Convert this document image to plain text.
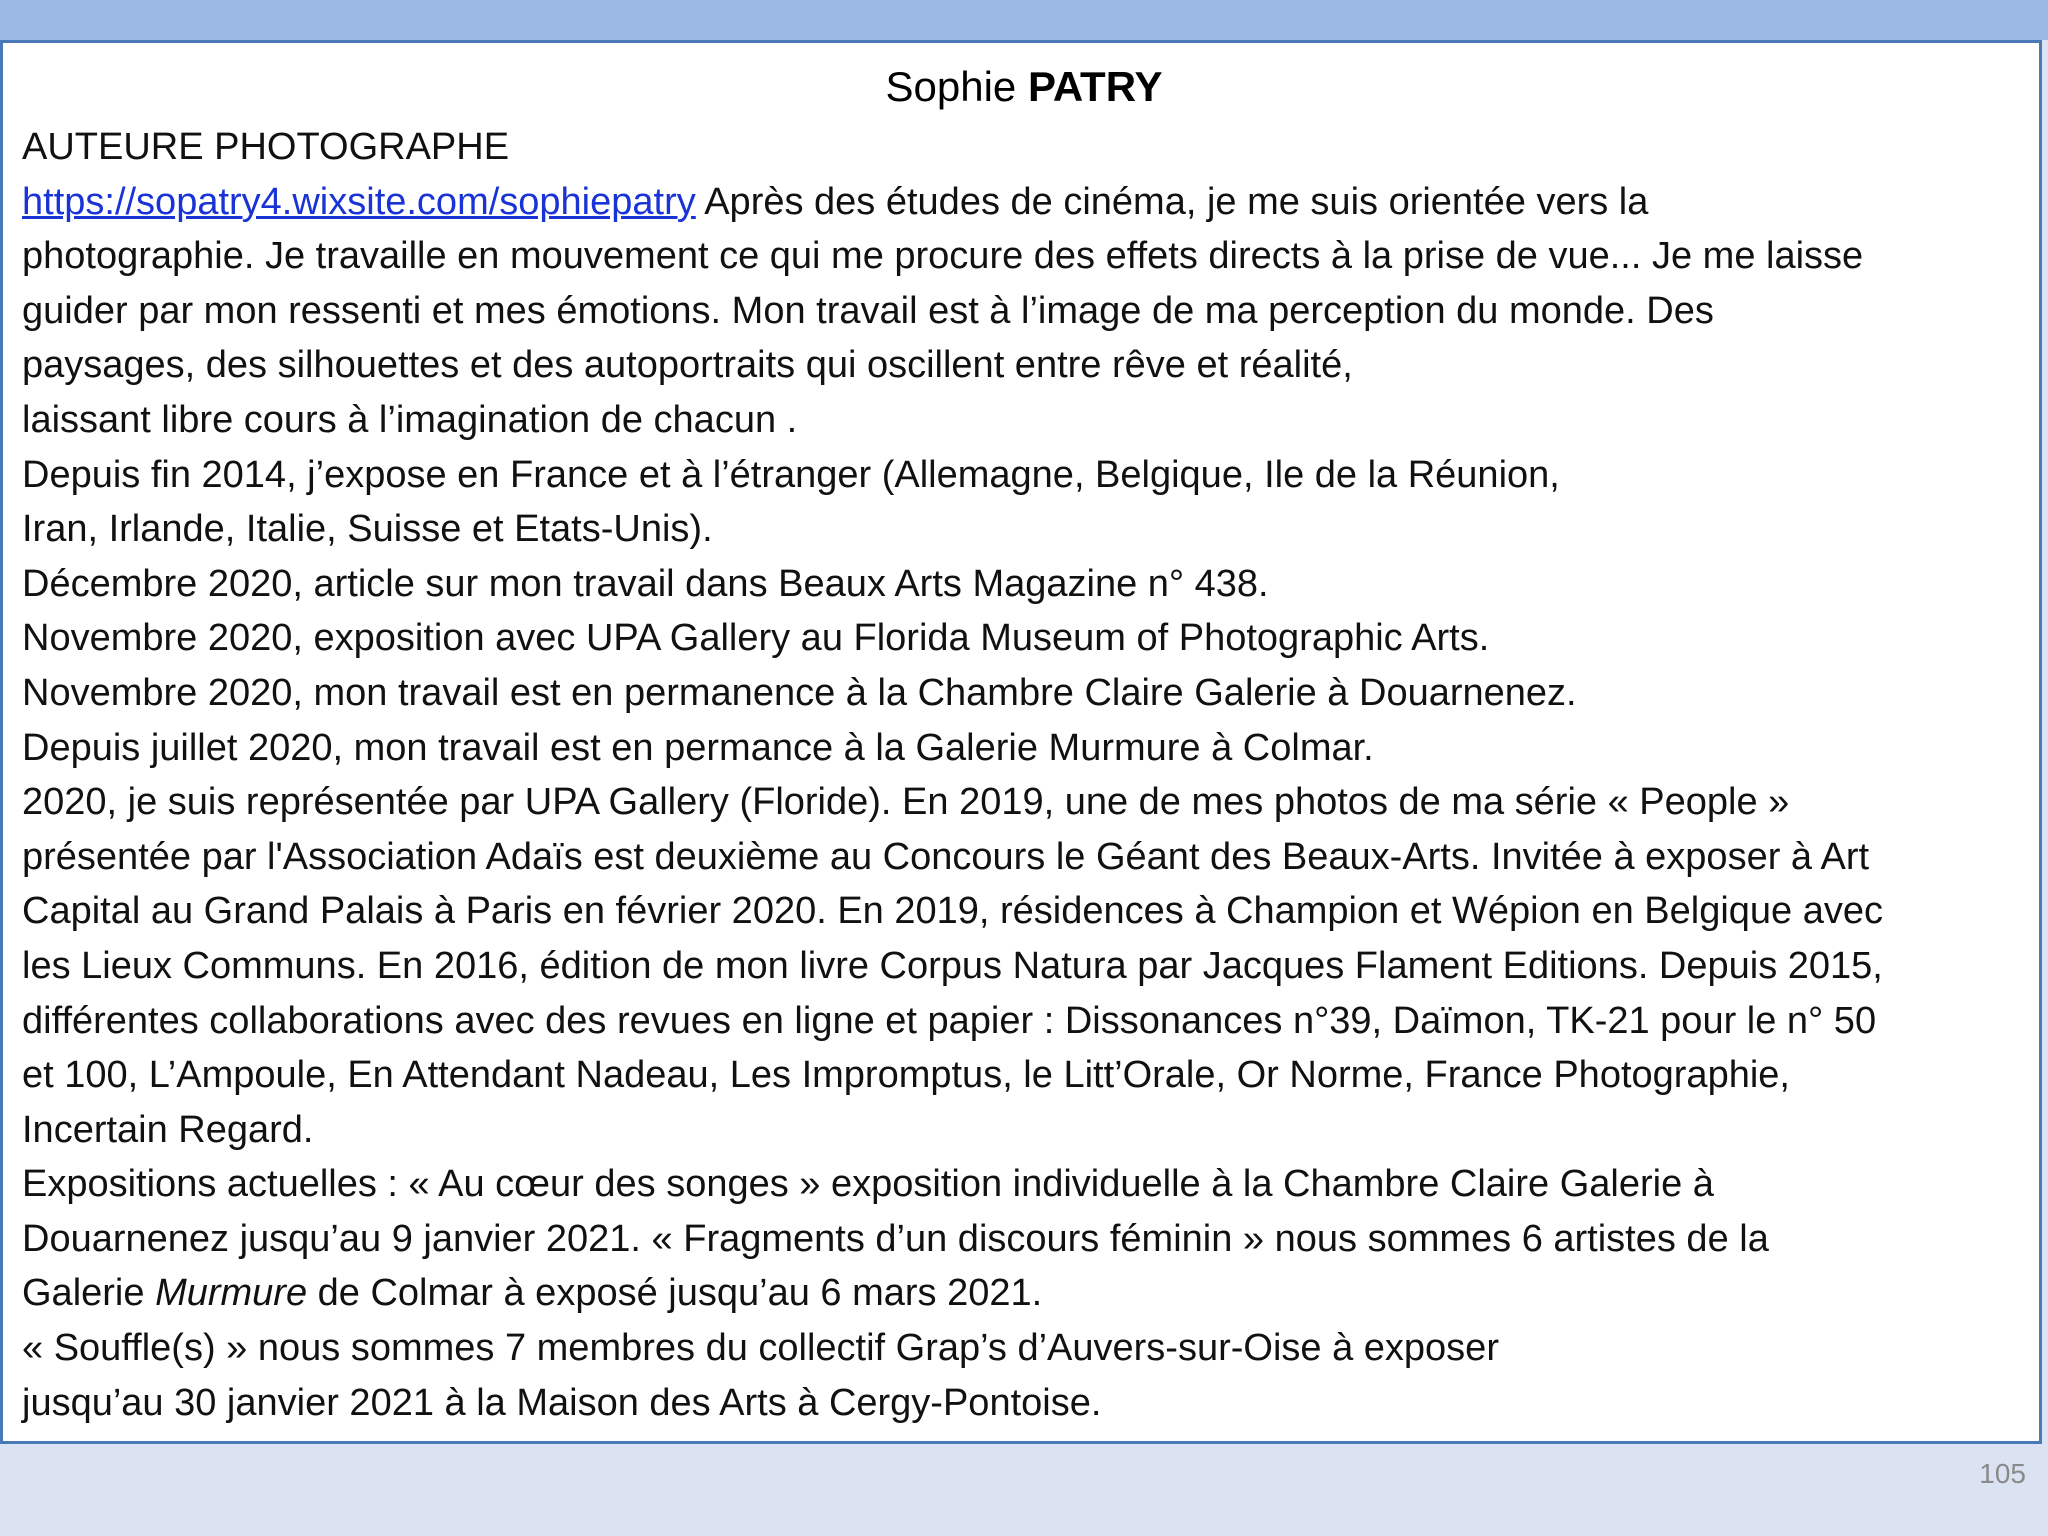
Sophie PATRY
AUTEURE PHOTOGRAPHE
https://sopatry4.wixsite.com/sophiepatry Après des études de cinéma, je me suis orientée vers la
photographie. Je travaille en mouvement ce qui me procure des effets directs à la prise de vue... Je me laisse
guider par mon ressenti et mes émotions. Mon travail est à l’image de ma perception du monde. Des
paysages, des silhouettes et des autoportraits qui oscillent entre rêve et réalité,
laissant libre cours à l’imagination de chacun .
Depuis fin 2014, j’expose en France et à l’étranger (Allemagne, Belgique, Ile de la Réunion,
Iran, Irlande, Italie, Suisse et Etats-Unis).
Décembre 2020, article sur mon travail dans Beaux Arts Magazine n° 438.
Novembre 2020, exposition avec UPA Gallery au Florida Museum of Photographic Arts.
Novembre 2020, mon travail est en permanence à la Chambre Claire Galerie à Douarnenez.
Depuis juillet 2020, mon travail est en permance à la Galerie Murmure à Colmar.
2020, je suis représentée par UPA Gallery (Floride). En 2019, une de mes photos de ma série « People »
présentée par l'Association Adaïs est deuxième au Concours le Géant des Beaux-Arts. Invitée à exposer à Art
Capital au Grand Palais à Paris en février 2020. En 2019, résidences à Champion et Wépion en Belgique avec
les Lieux Communs. En 2016, édition de mon livre Corpus Natura par Jacques Flament Editions. Depuis 2015,
différentes collaborations avec des revues en ligne et papier : Dissonances n°39, Daïmon, TK-21 pour le n° 50
et 100, L’Ampoule, En Attendant Nadeau, Les Impromptus, le Litt’Orale, Or Norme, France Photographie,
Incertain Regard.
Expositions actuelles : « Au cœur des songes » exposition individuelle à la Chambre Claire Galerie à
Douarnenez jusqu’au 9 janvier 2021. « Fragments d’un discours féminin » nous sommes 6 artistes de la
Galerie Murmure de Colmar à exposé jusqu’au 6 mars 2021.
« Souffle(s) » nous sommes 7 membres du collectif Grap’s d’Auvers-sur-Oise à exposer
jusqu’au 30 janvier 2021 à la Maison des Arts à Cergy-Pontoise.
105
